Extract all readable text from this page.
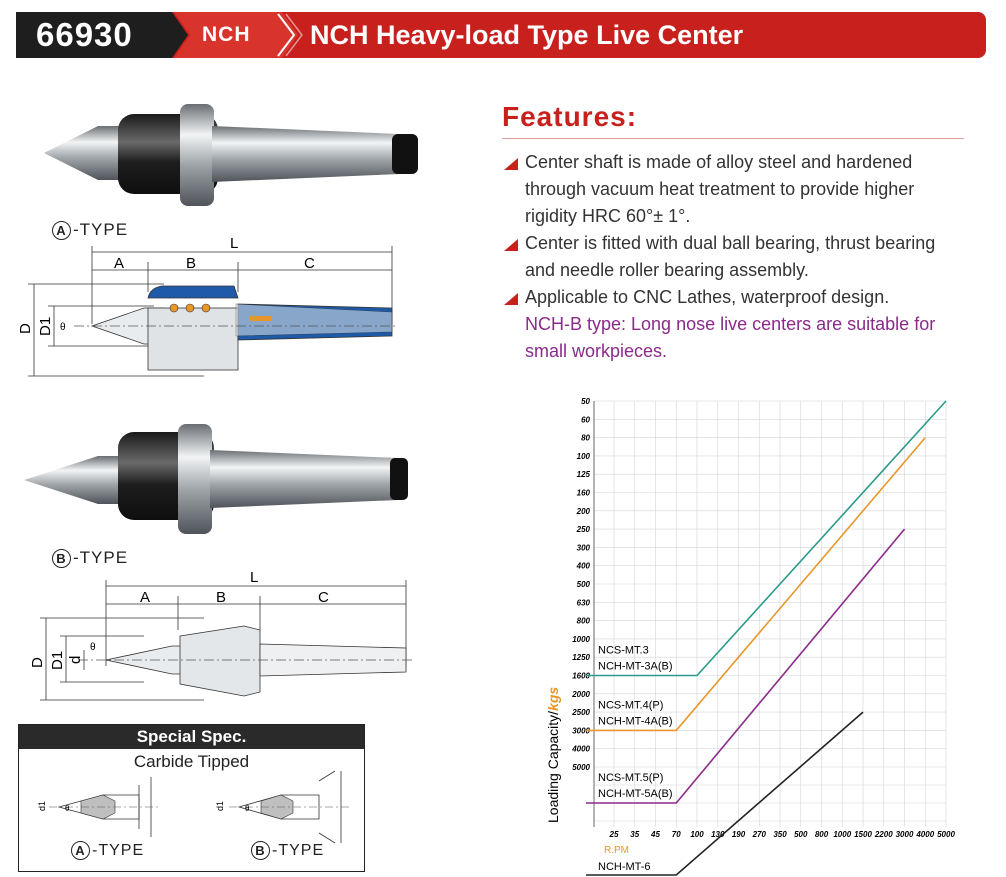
66930	NCH NCH Heavy-load Type Live Center
A -TYPE
L
A	B	C
D D1 θ
B -TYPE
L
A	B	C
D D1 d
θ
Special Spec.
Carbide Tipped
d1	d1
θ	θ
A -TYPE	B -TYPE
Features:
Center shaft is made of alloy steel and hardened through vacuum heat treatment to provide higher rigidity HRC 60°± 1°.
Center is fitted with dual ball bearing, thrust bearing and needle roller bearing assembly.
Applicable to CNC Lathes, waterproof design.
NCH-B type: Long nose live centers are suitable for small workpieces.
50
60
80
100
125
160
200
250
300
400
500
630
800
1000
1250
1600
2000
2500
3000
4000
5000
25 35 45 70 100 130 190 270 350 500 800 1000 1500 2200 3000 4000 5000
NCS-MT.3
NCH-MT-3A(B)
NCS-MT.4(P)
NCH-MT-4A(B)
NCS-MT.5(P)
NCH-MT-5A(B)
NCH-MT-6
Loading Capacity/kgs
R.PM
